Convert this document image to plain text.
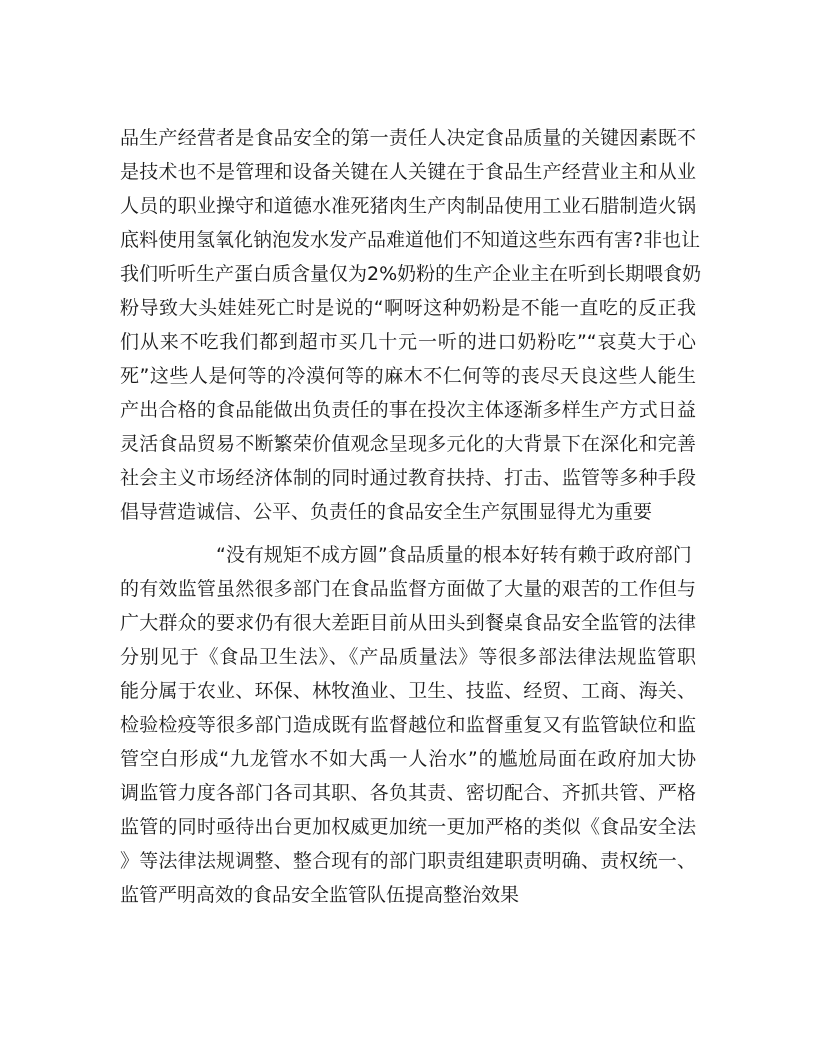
品生产经营者是食品安全的第一责任人决定食品质量的关键因素既不
是技术也不是管理和设备关键在人关键在于食品生产经营业主和从业
人员的职业操守和道德水准死猪肉生产肉制品使用工业石腊制造火锅
底料使用氢氧化钠泡发水发产品难道他们不知道这些东西有害?非也让
我们听听生产蛋白质含量仅为2%奶粉的生产企业主在听到长期喂食奶
粉导致大头娃娃死亡时是说的“啊呀这种奶粉是不能一直吃的反正我
们从来不吃我们都到超市买几十元一听的进口奶粉吃”“哀莫大于心
死”这些人是何等的冷漠何等的麻木不仁何等的丧尽天良这些人能生
产出合格的食品能做出负责任的事在投次主体逐渐多样生产方式日益
灵活食品贸易不断繁荣价值观念呈现多元化的大背景下在深化和完善
社会主义市场经济体制的同时通过教育扶持、打击、监管等多种手段
倡导营造诚信、公平、负责任的食品安全生产氛围显得尤为重要
“没有规矩不成方圆”食品质量的根本好转有赖于政府部门
的有效监管虽然很多部门在食品监督方面做了大量的艰苦的工作但与
广大群众的要求仍有很大差距目前从田头到餐桌食品安全监管的法律
分别见于《食品卫生法》、《产品质量法》等很多部法律法规监管职
能分属于农业、环保、林牧渔业、卫生、技监、经贸、工商、海关、
检验检疫等很多部门造成既有监督越位和监督重复又有监管缺位和监
管空白形成“九龙管水不如大禹一人治水”的尴尬局面在政府加大协
调监管力度各部门各司其职、各负其责、密切配合、齐抓共管、严格
监管的同时亟待出台更加权威更加统一更加严格的类似《食品安全法
》等法律法规调整、整合现有的部门职责组建职责明确、责权统一、
监管严明高效的食品安全监管队伍提高整治效果
